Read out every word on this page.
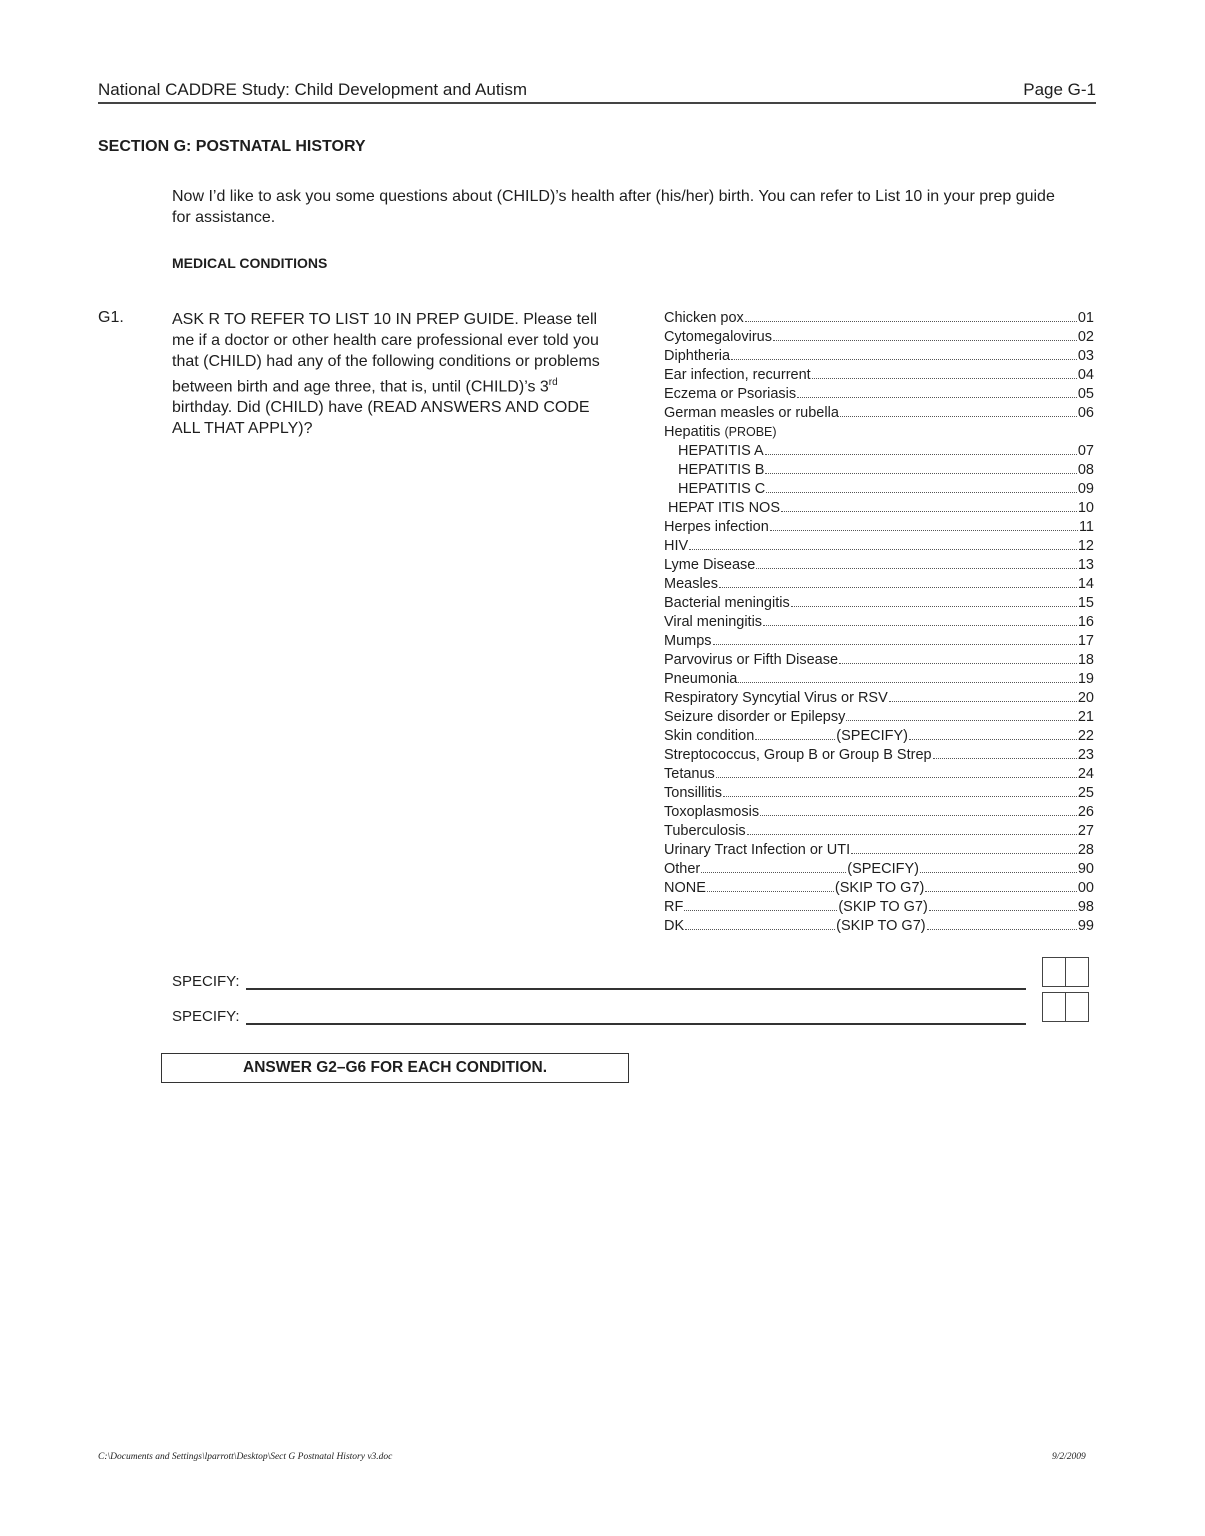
National CADDRE Study: Child Development and Autism	Page G-1
SECTION G: POSTNATAL HISTORY
Now I’d like to ask you some questions about (CHILD)’s health after (his/her) birth. You can refer to List 10 in your prep guide for assistance.
MEDICAL CONDITIONS
G1.	ASK R TO REFER TO LIST 10 IN PREP GUIDE. Please tell me if a doctor or other health care professional ever told you that (CHILD) had any of the following conditions or problems between birth and age three, that is, until (CHILD)’s 3rd birthday. Did (CHILD) have (READ ANSWERS AND CODE ALL THAT APPLY)?
Chicken pox	01
Cytomegalovirus	02
Diphtheria	03
Ear infection, recurrent	04
Eczema or Psoriasis	05
German measles or rubella	06
Hepatitis
(PROBE)
HEPATITIS A	07
HEPATITIS B	08
HEPATITIS C	09
HEPAT ITIS NOS	10
Herpes infection	11
HIV	12
Lyme Disease	13
Measles	14
Bacterial meningitis	15
Viral meningitis	16
Mumps	17
Parvovirus or Fifth Disease	18
Pneumonia	19
Respiratory Syncytial Virus or RSV	20
Seizure disorder or Epilepsy	21
Skin condition	(SPECIFY)	22
Streptococcus, Group B or Group B Strep	23
Tetanus	24
Tonsillitis	25
Toxoplasmosis	26
Tuberculosis	27
Urinary Tract Infection or UTI	28
Other	(SPECIFY)	90
NONE	(SKIP TO G7)	00
RF	(SKIP TO G7)	98
DK	(SKIP TO G7)	99
SPECIFY:
SPECIFY:
ANSWER G2–G6 FOR EACH CONDITION.
C:\Documents and Settings\lparrott\Desktop\Sect G Postnatal History v3.doc	9/2/2009
